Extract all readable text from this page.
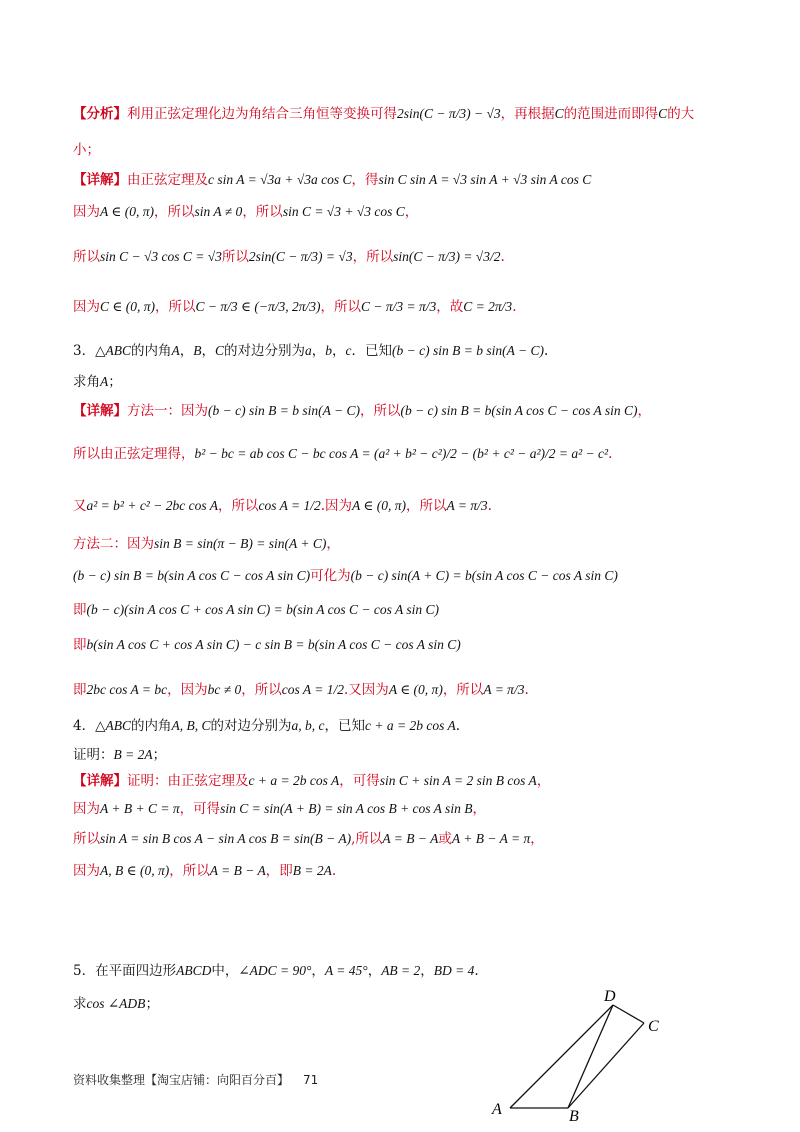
【分析】利用正弦定理化边为角结合三角恒等变换可得2sin(C − π/3) − √3，再根据C的范围进而即得C的大
小；
【详解】由正弦定理及c sin A = √3a + √3a cos C，得sin C sin A = √3 sin A + √3 sin A cos C
因为A ∈ (0, π)，所以sin A ≠ 0，所以sin C = √3 + √3 cos C，
所以sin C − √3 cos C = √3所以2sin(C − π/3) = √3，所以sin(C − π/3) = √3/2.
因为C ∈ (0, π)，所以C − π/3 ∈ (−π/3, 2π/3)，所以C − π/3 = π/3，故C = 2π/3.
3．△ABC的内角A，B，C的对边分别为a，b，c．已知(b − c) sin B = b sin(A − C).
求角A；
【详解】方法一：因为(b − c) sin B = b sin(A − C)，所以(b − c) sin B = b(sin A cos C − cos A sin C)，
所以由正弦定理得，b² − bc = ab cos C − bc cos A = (a² + b² − c²)/2 − (b² + c² − a²)/2 = a² − c².
又a² = b² + c² − 2bc cos A，所以cos A = 1/2.因为A ∈ (0, π)，所以A = π/3.
方法二：因为sin B = sin(π − B) = sin(A + C)，
(b − c) sin B = b(sin A cos C − cos A sin C)可化为(b − c) sin(A + C) = b(sin A cos C − cos A sin C)
即(b − c)(sin A cos C + cos A sin C) = b(sin A cos C − cos A sin C)
即b(sin A cos C + cos A sin C) − c sin B = b(sin A cos C − cos A sin C)
即2bc cos A = bc，因为bc ≠ 0，所以cos A = 1/2.又因为A ∈ (0, π)，所以A = π/3.
4．△ABC的内角A, B, C的对边分别为a, b, c，已知c + a = 2b cos A.
证明：B = 2A；
【详解】证明：由正弦定理及c + a = 2b cos A，可得sin C + sin A = 2 sin B cos A，
因为A + B + C = π，可得sin C = sin(A + B) = sin A cos B + cos A sin B，
所以sin A = sin B cos A − sin A cos B = sin(B − A),所以A = B − A或A + B − A = π，
因为A, B ∈ (0, π)，所以A = B − A，即B = 2A.
5．在平面四边形ABCD中，∠ADC = 90°，A = 45°，AB = 2，BD = 4.
求cos ∠ADB；
A	B
C
D
资料收集整理【淘宝店铺：向阳百分百】 71
